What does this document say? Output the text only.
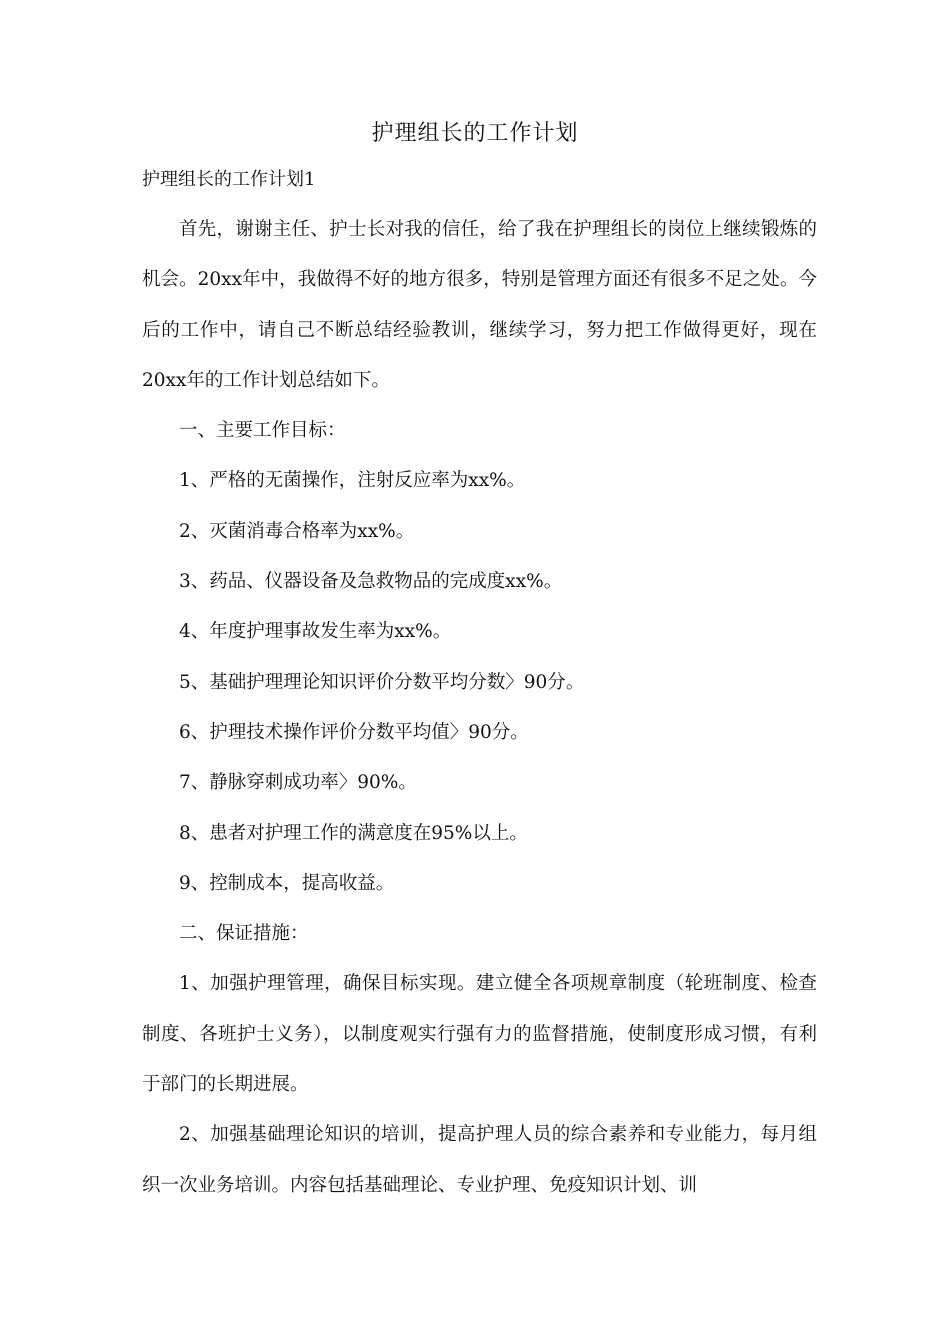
护理组长的工作计划
护理组长的工作计划1

首先，谢谢主任、护士长对我的信任，给了我在护理组长的岗位上继续锻炼的机会。20xx年中，我做得不好的地方很多，特别是管理方面还有很多不足之处。今后的工作中，请自己不断总结经验教训，继续学习，努力把工作做得更好，现在20xx年的工作计划总结如下。

一、主要工作目标：

1、严格的无菌操作，注射反应率为xx%。

2、灭菌消毒合格率为xx%。

3、药品、仪器设备及急救物品的完成度xx%。

4、年度护理事故发生率为xx%。

5、基础护理理论知识评价分数平均分数〉90分。

6、护理技术操作评价分数平均值〉90分。

7、静脉穿刺成功率〉90%。

8、患者对护理工作的满意度在95%以上。

9、控制成本，提高收益。

二、保证措施：

1、加强护理管理，确保目标实现。建立健全各项规章制度（轮班制度、检查制度、各班护士义务），以制度观实行强有力的监督措施，使制度形成习惯，有利于部门的长期进展。

2、加强基础理论知识的培训，提高护理人员的综合素养和专业能力，每月组织一次业务培训。内容包括基础理论、专业护理、免疫知识计划、训
